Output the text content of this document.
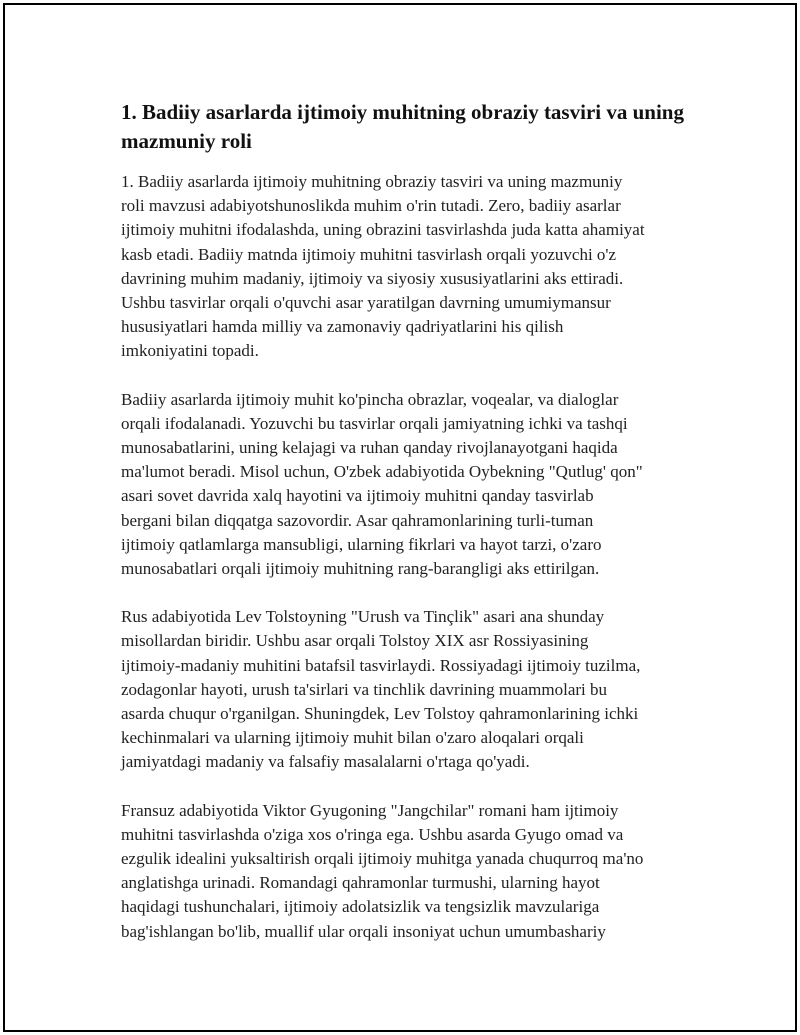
1. Badiiy asarlarda ijtimoiy muhitning obraziy tasviri va uning mazmuniy roli

1. Badiiy asarlarda ijtimoiy muhitning obraziy tasviri va uning mazmuniy
roli mavzusi adabiyotshunoslikda muhim o'rin tutadi. Zero, badiiy asarlar
ijtimoiy muhitni ifodalashda, uning obrazini tasvirlashda juda katta ahamiyat
kasb etadi. Badiiy matnda ijtimoiy muhitni tasvirlash orqali yozuvchi o'z
davrining muhim madaniy, ijtimoiy va siyosiy xususiyatlarini aks ettiradi.
Ushbu tasvirlar orqali o'quvchi asar yaratilgan davrning umumiymansur
hususiyatlari hamda milliy va zamonaviy qadriyatlarini his qilish
imkoniyatini topadi.

Badiiy asarlarda ijtimoiy muhit ko'pincha obrazlar, voqealar, va dialoglar
orqali ifodalanadi. Yozuvchi bu tasvirlar orqali jamiyatning ichki va tashqi
munosabatlarini, uning kelajagi va ruhan qanday rivojlanayotgani haqida
ma'lumot beradi. Misol uchun, O'zbek adabiyotida Oybekning "Qutlug' qon"
asari sovet davrida xalq hayotini va ijtimoiy muhitni qanday tasvirlab
bergani bilan diqqatga sazovordir. Asar qahramonlarining turli-tuman
ijtimoiy qatlamlarga mansubligi, ularning fikrlari va hayot tarzi, o'zaro
munosabatlari orqali ijtimoiy muhitning rang-barangligi aks ettirilgan.

Rus adabiyotida Lev Tolstoyning "Urush va Tinçlik" asari ana shunday
misollardan biridir. Ushbu asar orqali Tolstoy XIX asr Rossiyasining
ijtimoiy-madaniy muhitini batafsil tasvirlaydi. Rossiyadagi ijtimoiy tuzilma,
zodagonlar hayoti, urush ta'sirlari va tinchlik davrining muammolari bu
asarda chuqur o'rganilgan. Shuningdek, Lev Tolstoy qahramonlarining ichki
kechinmalari va ularning ijtimoiy muhit bilan o'zaro aloqalari orqali
jamiyatdagi madaniy va falsafiy masalalarni o'rtaga qo'yadi.

Fransuz adabiyotida Viktor Gyugoning "Jangchilar" romani ham ijtimoiy
muhitni tasvirlashda o'ziga xos o'ringa ega. Ushbu asarda Gyugo omad va
ezgulik idealini yuksaltirish orqali ijtimoiy muhitga yanada chuqurroq ma'no
anglatishga urinadi. Romandagi qahramonlar turmushi, ularning hayot
haqidagi tushunchalari, ijtimoiy adolatsizlik va tengsizlik mavzulariga
bag'ishlangan bo'lib, muallif ular orqali insoniyat uchun umumbashariy
